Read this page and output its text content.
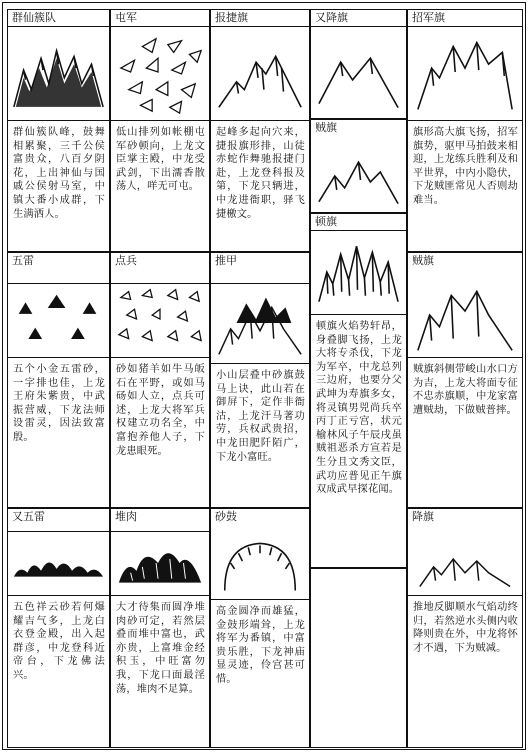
群仙簇队
群仙簇队峰，鼓舞相累聚，三千公侯富贵众，八百夕阴花，上出神仙与国戚公侯射马室，中镇大番小成群，下生满洒人。
屯军
低山排列如帐棚屯军砂顿向，上龙文臣掌主殿，中龙受武剑，下出濡香散荡人，咩无可屯。
报捷旗
起峰多起向穴来，捷报旗形排，山徒赤蛇作舞驰报捷门赴，上龙登科报及第，下龙只辆进，中龙进衙职，驿飞捷檄文。
又降旗	招军旗
旗形高大旗飞扬，招军旗势，驱甲马拍鼓来相迎，上龙练兵胜利及和平世界，中内小隐伏，下龙贼匪常见人否则劫难当。
贼旗
顿旗
顿旗火焰势轩昂，身叠脚飞扬，上龙大将专杀伐，下龙为军卒，中龙总列三边府，也要分父武坤为寿旗多女，将灵镇男兕尚兵卒丙丁正亏宫，状元榆林风子午辰戌虽贼祖恶杀方宣若是生分且文秀文臣，武功应普见正午旗双成武早探花闻。
五雷
五个小金五雷砂，一字排也佳，上龙王府朱紫贵，中武振营威，下龙法师设雷灵，因法致富殷。
点兵
砂如猪羊如牛马皈石在平野，或如马砀如人立，点兵可述，上龙大将军兵权建立功名全，中富抱养他人子，下龙患眼死。
推甲
小山层叠中砂旗鼓马上诀，此山若在御屏下，定作非衙沽，上龙汗马著功劳，兵权武贵招，中龙田肥阡陌广，下龙小富旺。
贼旗
贼旗斜侧带峻山水口方为吉，上龙大将面专征不忠赤旗顺，中龙家富遭贼劫，下做贼普摔。
又五雷
五色祥云砂若何爆耀吉气多，上龙白衣登金殿，出入起群彦，中龙登科近帝台，下龙佛法兴。
堆肉
大才待集而圆净堆肉砂可定，若然层叠而堆中富也，武亦贵，上富堆金经积玉，中旺富勿我，下龙口面最淫荡，堆肉不足算。
砂鼓
高金圆净而雄猛，金鼓形端耸，上龙将军为番镇，中富贵乐胜，下龙神庙显灵迹，伶宫甚可惜。
降旗
推地反脚顺水气焰动终归，若然逆水头侧内收降则贵在外，中龙将怀才不遇，下为贼减。
